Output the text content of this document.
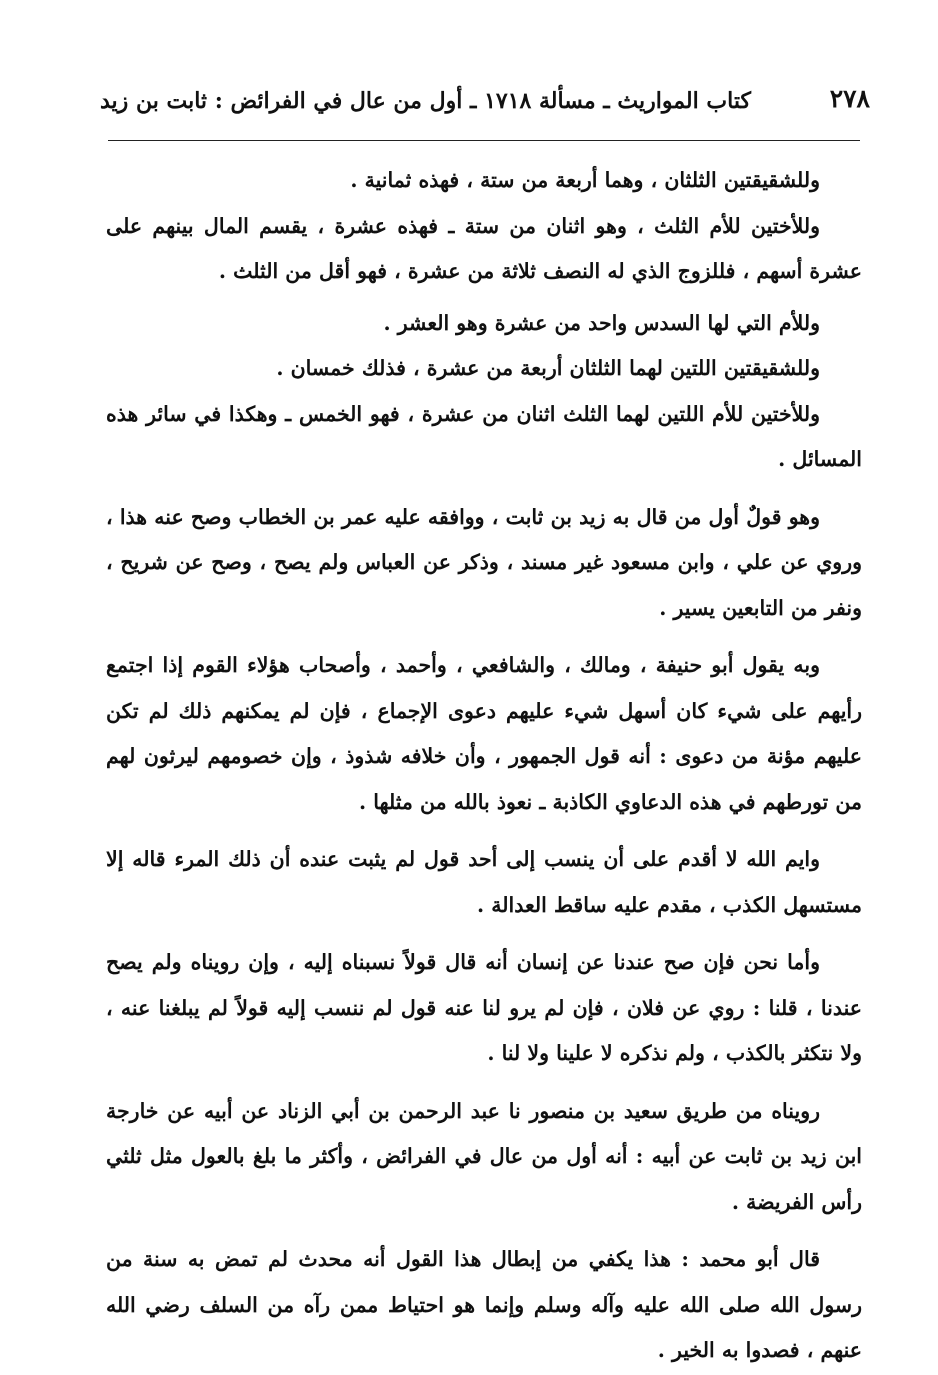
٢٧٨
كتاب المواريث ـ مسألة ١٧١٨ ـ أول من عال في الفرائض : ثابت بن زيد

وللشقيقتين الثلثان ، وهما أربعة من ستة ، فهذه ثمانية .

وللأختين للأم الثلث ، وهو اثنان من ستة ـ فهذه عشرة ، يقسم المال بينهم على عشرة أسهم ، فللزوج الذي له النصف ثلاثة من عشرة ، فهو أقل من الثلث .

وللأم التي لها السدس واحد من عشرة وهو العشر .

وللشقيقتين اللتين لهما الثلثان أربعة من عشرة ، فذلك خمسان .

وللأختين للأم اللتين لهما الثلث اثنان من عشرة ، فهو الخمس ـ وهكذا في سائر هذه المسائل .

وهو قولٌ أول من قال به زيد بن ثابت ، ووافقه عليه عمر بن الخطاب وصح عنه هذا ، وروي عن علي ، وابن مسعود غير مسند ، وذكر عن العباس ولم يصح ، وصح عن شريح ، ونفر من التابعين يسير .

وبه يقول أبو حنيفة ، ومالك ، والشافعي ، وأحمد ، وأصحاب هؤلاء القوم إذا اجتمع رأيهم على شيء كان أسهل شيء عليهم دعوى الإجماع ، فإن لم يمكنهم ذلك لم تكن عليهم مؤنة من دعوى : أنه قول الجمهور ، وأن خلافه شذوذ ، وإن خصومهم ليرثون لهم من تورطهم في هذه الدعاوي الكاذبة ـ نعوذ بالله من مثلها .

وايم الله لا أقدم على أن ينسب إلى أحد قول لم يثبت عنده أن ذلك المرء قاله إلا مستسهل الكذب ، مقدم عليه ساقط العدالة .

وأما نحن فإن صح عندنا عن إنسان أنه قال قولاً نسبناه إليه ، وإن رويناه ولم يصح عندنا ، قلنا : روي عن فلان ، فإن لم يرو لنا عنه قول لم ننسب إليه قولاً لم يبلغنا عنه ، ولا نتكثر بالكذب ، ولم نذكره لا علينا ولا لنا .

رويناه من طريق سعيد بن منصور نا عبد الرحمن بن أبي الزناد عن أبيه عن خارجة ابن زيد بن ثابت عن أبيه : أنه أول من عال في الفرائض ، وأكثر ما بلغ بالعول مثل ثلثي رأس الفريضة .

قال أبو محمد : هذا يكفي من إبطال هذا القول أنه محدث لم تمض به سنة من رسول الله صلى الله عليه وآله وسلم وإنما هو احتياط ممن رآه من السلف رضي الله عنهم ، فصدوا به الخير .
